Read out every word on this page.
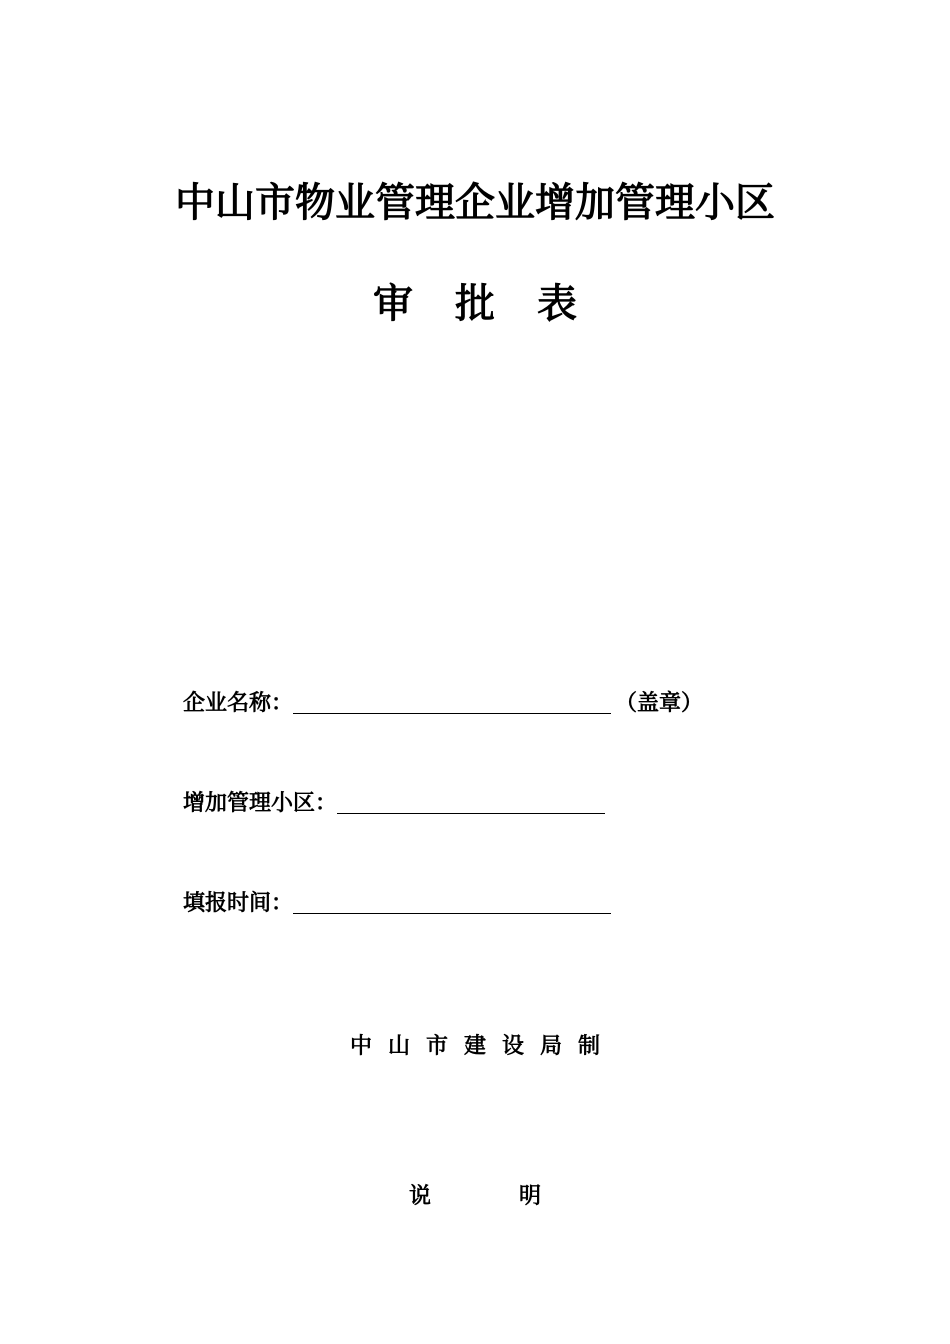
中山市物业管理企业增加管理小区
审 批 表
企业名称：	（盖章）
增加管理小区：
填报时间：
中山市建设局制
说	明
